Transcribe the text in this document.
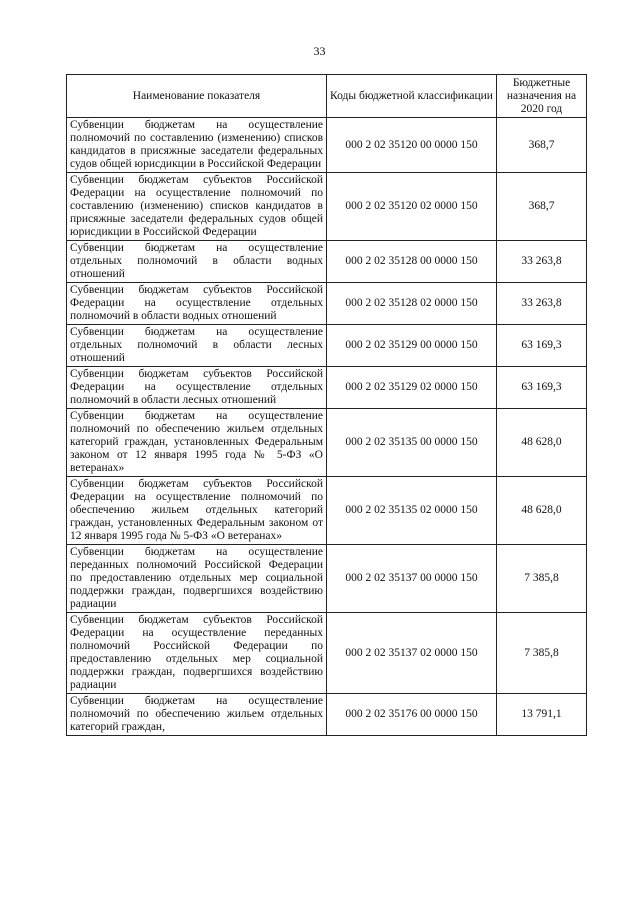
33
Наименование показателя	Коды бюджетной классификации	Бюджетные назначения на 2020 год
Субвенции бюджетам на осуществление полномочий по составлению (изменению) списков кандидатов в присяжные заседатели федеральных судов общей юрисдикции в Российской Федерации	000 2 02 35120 00 0000 150	368,7
Субвенции бюджетам субъектов Российской Федерации на осуществление полномочий по составлению (изменению) списков кандидатов в присяжные заседатели федеральных судов общей юрисдикции в Российской Федерации	000 2 02 35120 02 0000 150	368,7
Субвенции бюджетам на осуществление отдельных полномочий в области водных отношений	000 2 02 35128 00 0000 150	33 263,8
Субвенции бюджетам субъектов Российской Федерации на осуществление отдельных полномочий в области водных отношений	000 2 02 35128 02 0000 150	33 263,8
Субвенции бюджетам на осуществление отдельных полномочий в области лесных отношений	000 2 02 35129 00 0000 150	63 169,3
Субвенции бюджетам субъектов Российской Федерации на осуществление отдельных полномочий в области лесных отношений	000 2 02 35129 02 0000 150	63 169,3
Субвенции бюджетам на осуществление полномочий по обеспечению жильем отдельных категорий граждан, установленных Федеральным законом от 12 января 1995 года № 5-ФЗ «О ветеранах»	000 2 02 35135 00 0000 150	48 628,0
Субвенции бюджетам субъектов Российской Федерации на осуществление полномочий по обеспечению жильем отдельных категорий граждан, установленных Федеральным законом от 12 января 1995 года № 5-ФЗ «О ветеранах»	000 2 02 35135 02 0000 150	48 628,0
Субвенции бюджетам на осуществление переданных полномочий Российской Федерации по предоставлению отдельных мер социальной поддержки граждан, подвергшихся воздействию радиации	000 2 02 35137 00 0000 150	7 385,8
Субвенции бюджетам субъектов Российской Федерации на осуществление переданных полномочий Российской Федерации по предоставлению отдельных мер социальной поддержки граждан, подвергшихся воздействию радиации	000 2 02 35137 02 0000 150	7 385,8
Субвенции бюджетам на осуществление полномочий по обеспечению жильем отдельных категорий граждан,	000 2 02 35176 00 0000 150	13 791,1
